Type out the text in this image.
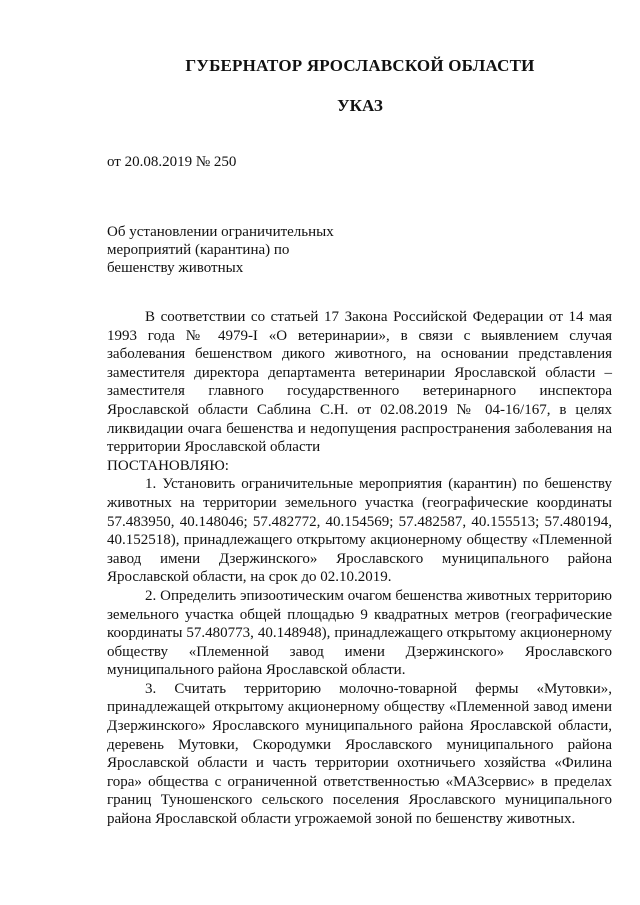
ГУБЕРНАТОР ЯРОСЛАВСКОЙ ОБЛАСТИ
УКАЗ
от 20.08.2019 № 250
Об установлении ограничительных
мероприятий (карантина) по
бешенству животных

В соответствии со статьей 17 Закона Российской Федерации от 14 мая 1993 года № 4979-I «О ветеринарии», в связи с выявлением случая заболевания бешенством дикого животного, на основании представления заместителя директора департамента ветеринарии Ярославской области – заместителя главного государственного ветеринарного инспектора Ярославской области Саблина С.Н. от 02.08.2019 № 04-16/167, в целях ликвидации очага бешенства и недопущения распространения заболевания на территории Ярославской области

ПОСТАНОВЛЯЮ:

1. Установить ограничительные мероприятия (карантин) по бешенству животных на территории земельного участка (географические координаты 57.483950, 40.148046; 57.482772, 40.154569; 57.482587, 40.155513; 57.480194, 40.152518), принадлежащего открытому акционерному обществу «Племенной завод имени Дзержинского» Ярославского муниципального района Ярославской области, на срок до 02.10.2019.

2. Определить эпизоотическим очагом бешенства животных территорию земельного участка общей площадью 9 квадратных метров (географические координаты 57.480773, 40.148948), принадлежащего открытому акционерному обществу «Племенной завод имени Дзержинского» Ярославского муниципального района Ярославской области.

3. Считать территорию молочно-товарной фермы «Мутовки», принадлежащей открытому акционерному обществу «Племенной завод имени Дзержинского» Ярославского муниципального района Ярославской области, деревень Мутовки, Скородумки Ярославского муниципального района Ярославской области и часть территории охотничьего хозяйства «Филина гора» общества с ограниченной ответственностью «МАЗсервис» в пределах границ Туношенского сельского поселения Ярославского муниципального района Ярославской области угрожаемой зоной по бешенству животных.
